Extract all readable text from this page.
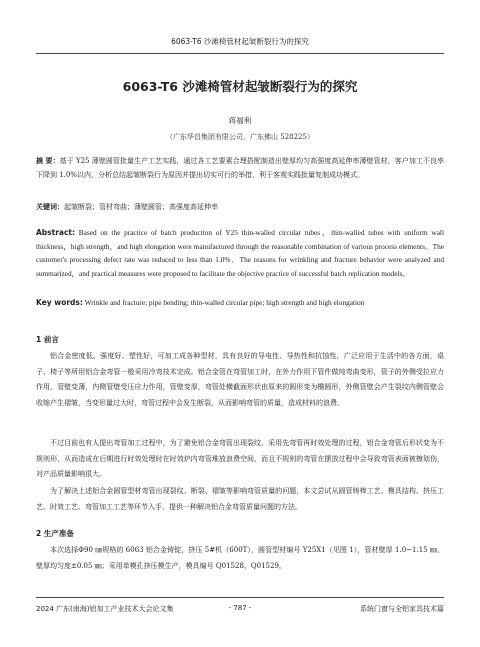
6063-T6 沙滩椅管材起皱断裂行为的探究
6063-T6 沙滩椅管材起皱断裂行为的探究
蒋福利
（广东华昌集团有限公司，广东佛山 528225）
摘 要：基于 Y25 薄壁圆管批量生产工艺实践，通过各工艺要素合理搭配制造出壁厚均匀高强度高延伸率薄壁管材，客户加工不良率下降到 1.0%以内，分析总结起皱断裂行为原因并提出切实可行的举措，利于客观实践批量复制成功模式。
关键词：起皱断裂；管材弯曲；薄壁圆管；高强度高延伸率
Abstract: Based on the practice of batch production of Y25 thin-walled circular tubes，thin-walled tubes with uniform wall thickness，high strength，and high elongation were manufactured through the reasonable combination of various process elements。The customer's processing defect rate was reduced to less than 1.0%．The reasons for wrinkling and fracture behavior were analyzed and summarized，and practical measures were proposed to facilitate the objective practice of successful batch replication models。
Key words: Wrinkle and fracture; pipe bending; thin-walled circular pipe; high strength and high elongation
1 前言
铝合金密度低、强度好、塑性好，可加工成各种型材，具有良好的导电性、导热性和抗蚀性，广泛应用于生活中的各方面，桌子、椅子等所用铝合金弯管一般采用冷弯技术完成。铝合金管在弯管加工时，在外力作用下管件做纯弯曲变形，管子的外侧受拉应力作用，管壁变薄，内侧管壁受压应力作用，管壁变厚，弯管处横截面形状由原来的圆形变为椭圆形，外侧管壁会产生裂纹内侧管壁会收缩产生褶皱，当变形量过大时，弯管过程中会发生断裂，从而影响弯管的质量，造成材料的浪费。
不过目前也有人提出弯管加工过程中，为了避免铝合金弯管出现裂纹，采用先弯管再时效处理的过程，铝合金弯管后形状变为不规则形，从而造成在后期进行时效处理时在时效炉内弯管堆放浪费空间，而且不规则的弯管在摆放过程中会导致弯管表面被擦划伤，对产品质量影响很大。
为了解决上述铝合金圆管型材弯管出现裂纹、断裂、褶皱等影响弯管质量的问题，本文尝试从圆管铸棒工艺、模具结构、挤压工艺、时效工艺、弯管加工工艺等环节入手，提供一种解决铝合金弯管质量问题的方法。
2 生产准备
本次选择Φ90 ㎜规格的 6063 铝合金铸锭，挤压 5#机（600T），圆管型材编号 Y25X1（见图 1），管材壁厚 1.0~1.15 ㎜，壁厚均匀度±0.05 ㎜；采用单模孔挤压模生产，模具编号 Q01528、Q01529。
2024 广东(南海)铝加工产业技术大会论文集	- 787 -	系统门窗与全铝家具技术篇
